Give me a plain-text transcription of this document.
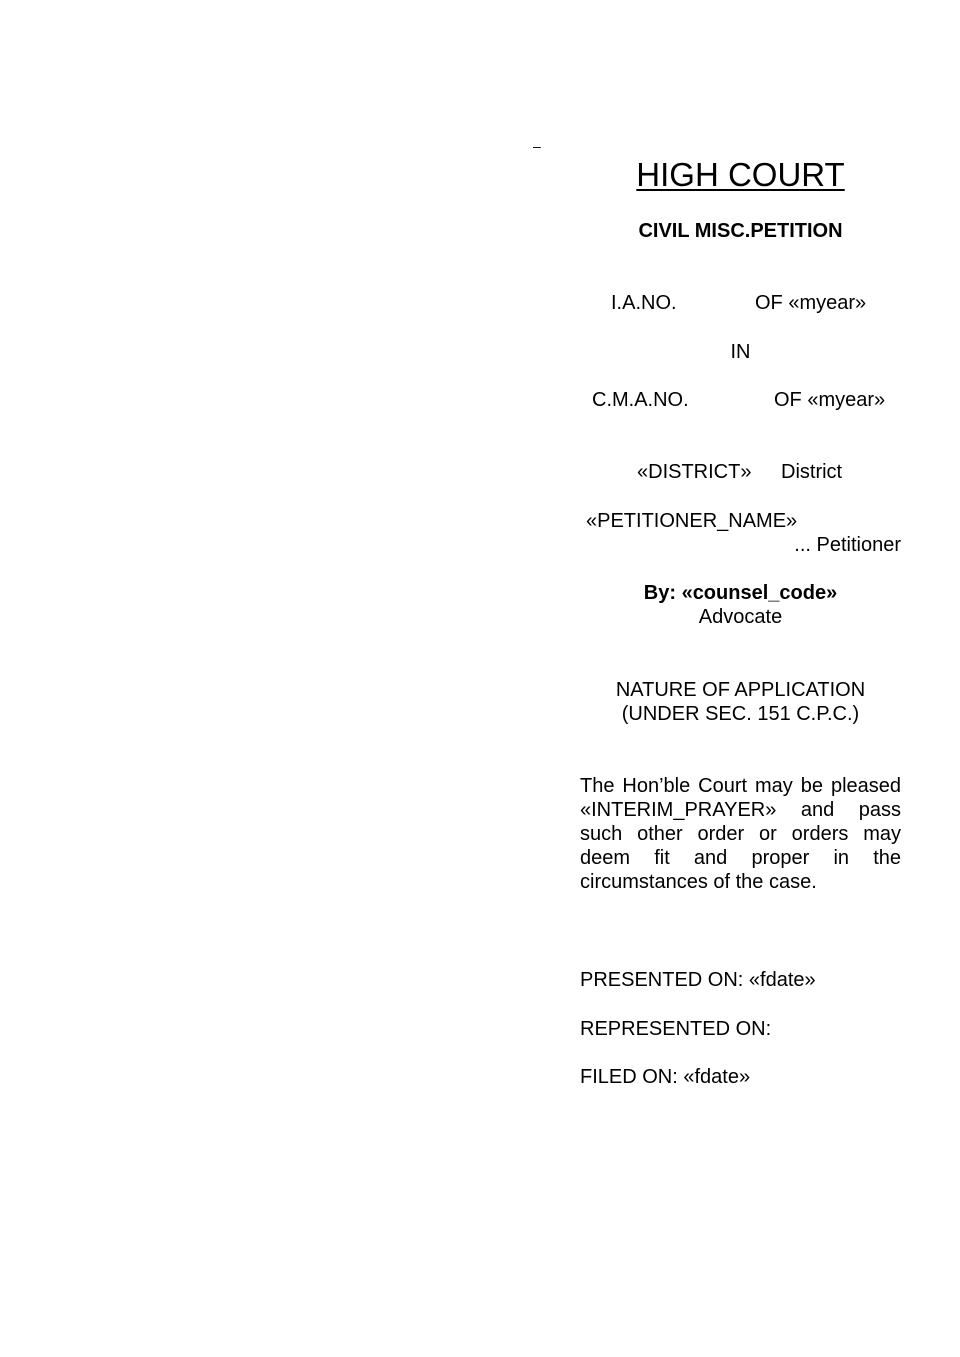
–
HIGH COURT
CIVIL MISC.PETITION
I.A.NO.	OF «myear»
IN
C.M.A.NO.	OF «myear»
«DISTRICT» District
«PETITIONER_NAME»
... Petitioner
By: «counsel_code»
Advocate
NATURE OF APPLICATION
(UNDER SEC. 151 C.P.C.)
The Hon’ble Court may be pleased «INTERIM_PRAYER» and pass such other order or orders may deem fit and proper in the circumstances of the case.
PRESENTED ON: «fdate»
REPRESENTED ON:
FILED ON: «fdate»
